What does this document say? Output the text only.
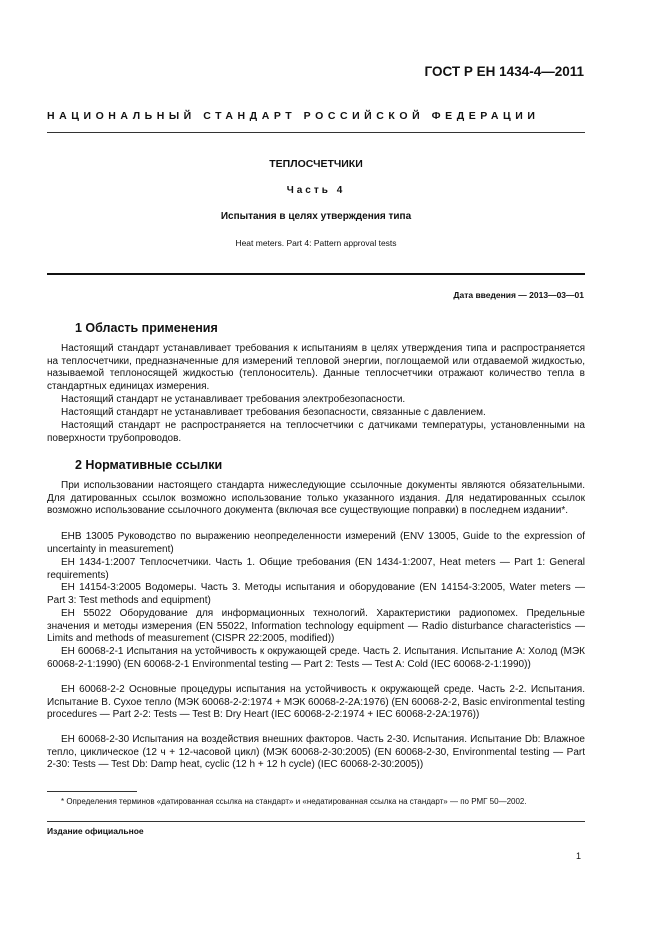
ГОСТ Р ЕН 1434-4—2011
НАЦИОНАЛЬНЫЙ СТАНДАРТ РОССИЙСКОЙ ФЕДЕРАЦИИ
ТЕПЛОСЧЕТЧИКИ
Часть 4
Испытания в целях утверждения типа
Heat meters. Part 4: Pattern approval tests
Дата введения — 2013—03—01
1 Область применения

Настоящий стандарт устанавливает требования к испытаниям в целях утверждения типа и распространяется на теплосчетчики, предназначенные для измерений тепловой энергии, поглощаемой или отдаваемой жидкостью, называемой теплоносящей жидкостью (теплоноситель). Данные теплосчетчики отражают количество тепла в стандартных единицах измерения.

Настоящий стандарт не устанавливает требования электробезопасности.

Настоящий стандарт не устанавливает требования безопасности, связанные с давлением.

Настоящий стандарт не распространяется на теплосчетчики с датчиками температуры, установленными на поверхности трубопроводов.

2 Нормативные ссылки

При использовании настоящего стандарта нижеследующие ссылочные документы являются обязательными. Для датированных ссылок возможно использование только указанного издания. Для недатированных ссылок возможно использование ссылочного документа (включая все существующие поправки) в последнем издании*.

ЕНВ 13005 Руководство по выражению неопределенности измерений (ENV 13005, Guide to the expression of uncertainty in measurement)

ЕН 1434-1:2007 Теплосчетчики. Часть 1. Общие требования (EN 1434-1:2007, Heat meters — Part 1: General requirements)

ЕН 14154-3:2005 Водомеры. Часть 3. Методы испытания и оборудование (EN 14154-3:2005, Water meters — Part 3: Test methods and equipment)

ЕН 55022 Оборудование для информационных технологий. Характеристики радиопомех. Предельные значения и методы измерения (EN 55022, Information technology equipment — Radio disturbance characteristics — Limits and methods of measurement (CISPR 22:2005, modified))

ЕН 60068-2-1 Испытания на устойчивость к окружающей среде. Часть 2. Испытания. Испытание А: Холод (МЭК 60068-2-1:1990) (EN 60068-2-1 Environmental testing — Part 2: Tests — Test A: Cold (IEC 60068-2-1:1990))

ЕН 60068-2-2 Основные процедуры испытания на устойчивость к окружающей среде. Часть 2-2. Испытания. Испытание В. Сухое тепло (МЭК 60068-2-2:1974 + МЭК 60068-2-2А:1976) (EN 60068-2-2, Basic environmental testing procedures — Part 2-2: Tests — Test B: Dry Heart (IEC 60068-2-2:1974 + IEC 60068-2-2A:1976))

ЕН 60068-2-30 Испытания на воздействия внешних факторов. Часть 2-30. Испытания. Испытание Db: Влажное тепло, циклическое (12 ч + 12-часовой цикл) (МЭК 60068-2-30:2005) (EN 60068-2-30, Environmental testing — Part 2-30: Tests — Test Db: Damp heat, cyclic (12 h + 12 h cycle) (IEC 60068-2-30:2005))

* Определения терминов «датированная ссылка на стандарт» и «недатированная ссылка на стандарт» — по РМГ 50—2002.

Издание официальное
1
